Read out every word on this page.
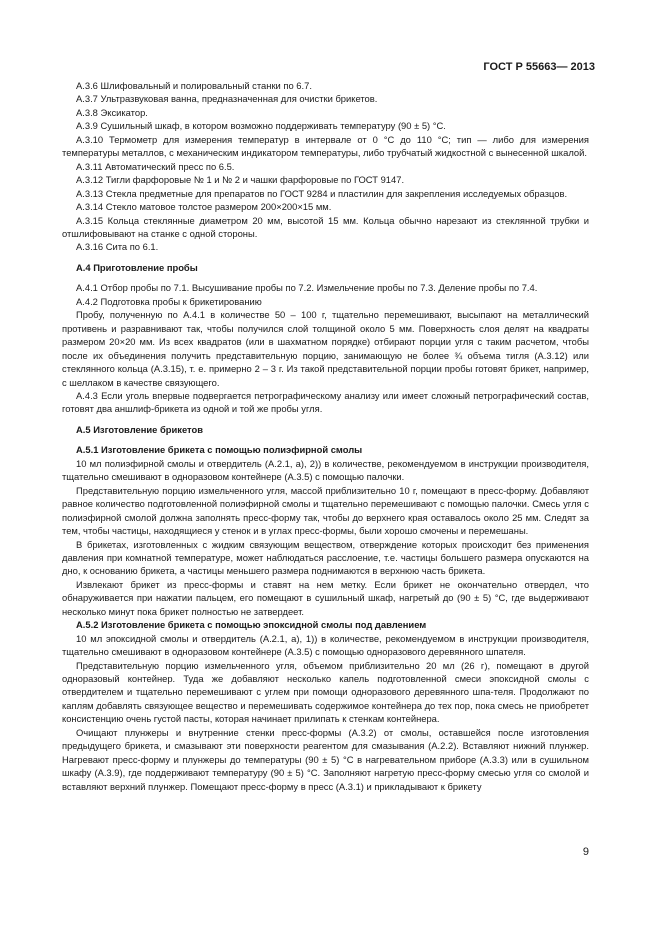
ГОСТ Р 55663— 2013

А.3.6 Шлифовальный и полировальный станки по 6.7.

А.3.7 Ультразвуковая ванна, предназначенная для очистки брикетов.

А.3.8 Эксикатор.

А.3.9 Сушильный шкаф, в котором возможно поддерживать температуру (90 ± 5) °С.

А.3.10 Термометр для измерения температур в интервале от 0 °С до 110 °С; тип — либо для измерения температуры металлов, с механическим индикатором температуры, либо трубчатый жидкостной с вынесенной шкалой.

А.3.11 Автоматический пресс по 6.5.

А.3.12 Тигли фарфоровые № 1 и № 2 и чашки фарфоровые по ГОСТ 9147.

А.3.13 Стекла предметные для препаратов по ГОСТ 9284 и пластилин для закрепления исследуемых образцов.

А.3.14 Стекло матовое толстое размером 200×200×15 мм.

А.3.15 Кольца стеклянные диаметром 20 мм, высотой 15 мм. Кольца обычно нарезают из стеклянной трубки и отшлифовывают на станке с одной стороны.

А.3.16 Сита по 6.1.

А.4 Приготовление пробы

А.4.1 Отбор пробы по 7.1. Высушивание пробы по 7.2. Измельчение пробы по 7.3. Деление пробы по 7.4.

А.4.2 Подготовка пробы к брикетированию

Пробу, полученную по А.4.1 в количестве 50 – 100 г, тщательно перемешивают, высыпают на металлический противень и разравнивают так, чтобы получился слой толщиной около 5 мм. Поверхность слоя делят на квадраты размером 20×20 мм. Из всех квадратов (или в шахматном порядке) отбирают порции угля с таким расчетом, чтобы после их объединения получить представительную порцию, занимающую не более ¾ объема тигля (А.3.12) или стеклянного кольца (А.3.15), т. е. примерно 2 – 3 г. Из такой представительной порции пробы готовят брикет, например, с шеллаком в качестве связующего.

А.4.3 Если уголь впервые подвергается петрографическому анализу или имеет сложный петрографический состав, готовят два аншлиф-брикета из одной и той же пробы угля.

А.5 Изготовление брикетов

А.5.1 Изготовление брикета с помощью полиэфирной смолы

10 мл полиэфирной смолы и отвердитель (А.2.1, а), 2)) в количестве, рекомендуемом в инструкции производителя, тщательно смешивают в одноразовом контейнере (А.3.5) с помощью палочки.

Представительную порцию измельченного угля, массой приблизительно 10 г, помещают в пресс-форму. Добавляют равное количество подготовленной полиэфирной смолы и тщательно перемешивают с помощью палочки. Смесь угля с полиэфирной смолой должна заполнять пресс-форму так, чтобы до верхнего края оставалось около 25 мм. Следят за тем, чтобы частицы, находящиеся у стенок и в углах пресс-формы, были хорошо смочены и перемешаны.

В брикетах, изготовленных с жидким связующим веществом, отверждение которых происходит без применения давления при комнатной температуре, может наблюдаться расслоение, т.е. частицы большего размера опускаются на дно, к основанию брикета, а частицы меньшего размера поднимаются в верхнюю часть брикета.

Извлекают брикет из пресс-формы и ставят на нем метку. Если брикет не окончательно отвердел, что обнаруживается при нажатии пальцем, его помещают в сушильный шкаф, нагретый до (90 ± 5) °С, где выдерживают несколько минут пока брикет полностью не затвердеет.

А.5.2 Изготовление брикета с помощью эпоксидной смолы под давлением

10 мл эпоксидной смолы и отвердитель (А.2.1, а), 1)) в количестве, рекомендуемом в инструкции производителя, тщательно смешивают в одноразовом контейнере (А.3.5) с помощью одноразового деревянного шпателя.

Представительную порцию измельченного угля, объемом приблизительно 20 мл (26 г), помещают в другой одноразовый контейнер. Туда же добавляют несколько капель подготовленной смеси эпоксидной смолы с отвердителем и тщательно перемешивают с углем при помощи одноразового деревянного шпа-теля. Продолжают по каплям добавлять связующее вещество и перемешивать содержимое контейнера до тех пор, пока смесь не приобретет консистенцию очень густой пасты, которая начинает прилипать к стенкам контейнера.

Очищают плунжеры и внутренние стенки пресс-формы (А.3.2) от смолы, оставшейся после изготовления предыдущего брикета, и смазывают эти поверхности реагентом для смазывания (А.2.2). Вставляют нижний плунжер. Нагревают пресс-форму и плунжеры до температуры (90 ± 5) °С в нагревательном приборе (А.3.3) или в сушильном шкафу (А.3.9), где поддерживают температуру (90 ± 5) °С. Заполняют нагретую пресс-форму смесью угля со смолой и вставляют верхний плунжер. Помещают пресс-форму в пресс (А.3.1) и прикладывают к брикету

9
